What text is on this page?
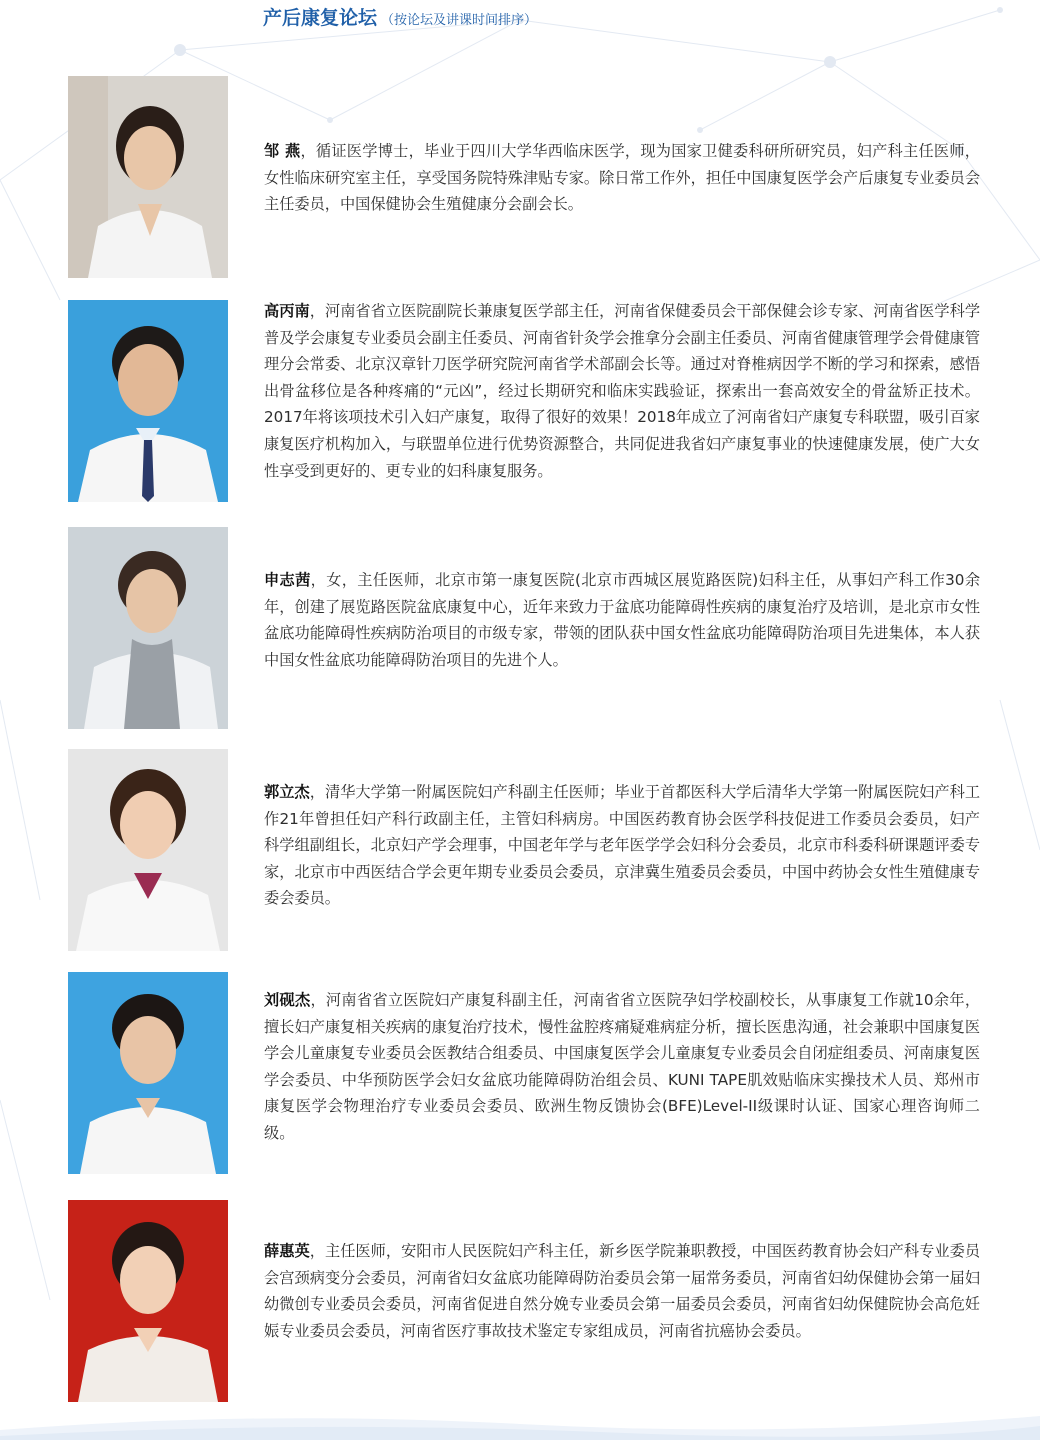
产后康复论坛 （按论坛及讲课时间排序）
邹 燕，循证医学博士，毕业于四川大学华西临床医学，现为国家卫健委科研所研究员，妇产科主任医师，女性临床研究室主任，享受国务院特殊津贴专家。除日常工作外，担任中国康复医学会产后康复专业委员会主任委员，中国保健协会生殖健康分会副会长。
高丙南，河南省省立医院副院长兼康复医学部主任，河南省保健委员会干部保健会诊专家、河南省医学科学普及学会康复专业委员会副主任委员、河南省针灸学会推拿分会副主任委员、河南省健康管理学会骨健康管理分会常委、北京汉章针刀医学研究院河南省学术部副会长等。通过对脊椎病因学不断的学习和探索，感悟出骨盆移位是各种疼痛的“元凶”，经过长期研究和临床实践验证，探索出一套高效安全的骨盆矫正技术。2017年将该项技术引入妇产康复，取得了很好的效果！2018年成立了河南省妇产康复专科联盟，吸引百家康复医疗机构加入，与联盟单位进行优势资源整合，共同促进我省妇产康复事业的快速健康发展，使广大女性享受到更好的、更专业的妇科康复服务。
申志茜，女，主任医师，北京市第一康复医院(北京市西城区展览路医院)妇科主任，从事妇产科工作30余年，创建了展览路医院盆底康复中心，近年来致力于盆底功能障碍性疾病的康复治疗及培训，是北京市女性盆底功能障碍性疾病防治项目的市级专家，带领的团队获中国女性盆底功能障碍防治项目先进集体，本人获中国女性盆底功能障碍防治项目的先进个人。
郭立杰，清华大学第一附属医院妇产科副主任医师；毕业于首都医科大学后清华大学第一附属医院妇产科工作21年曾担任妇产科行政副主任，主管妇科病房。中国医药教育协会医学科技促进工作委员会委员，妇产科学组副组长，北京妇产学会理事，中国老年学与老年医学学会妇科分会委员，北京市科委科研课题评委专家，北京市中西医结合学会更年期专业委员会委员，京津冀生殖委员会委员，中国中药协会女性生殖健康专委会委员。
刘砚杰，河南省省立医院妇产康复科副主任，河南省省立医院孕妇学校副校长，从事康复工作就10余年，擅长妇产康复相关疾病的康复治疗技术，慢性盆腔疼痛疑难病症分析，擅长医患沟通，社会兼职中国康复医学会儿童康复专业委员会医教结合组委员、中国康复医学会儿童康复专业委员会自闭症组委员、河南康复医学会委员、中华预防医学会妇女盆底功能障碍防治组会员、KUNI TAPE肌效贴临床实操技术人员、郑州市康复医学会物理治疗专业委员会委员、欧洲生物反馈协会(BFE)Level-II级课时认证、国家心理咨询师二级。
薛惠英，主任医师，安阳市人民医院妇产科主任，新乡医学院兼职教授，中国医药教育协会妇产科专业委员会宫颈病变分会委员，河南省妇女盆底功能障碍防治委员会第一届常务委员，河南省妇幼保健协会第一届妇幼微创专业委员会委员，河南省促进自然分娩专业委员会第一届委员会委员，河南省妇幼保健院协会高危妊娠专业委员会委员，河南省医疗事故技术鉴定专家组成员，河南省抗癌协会委员。
